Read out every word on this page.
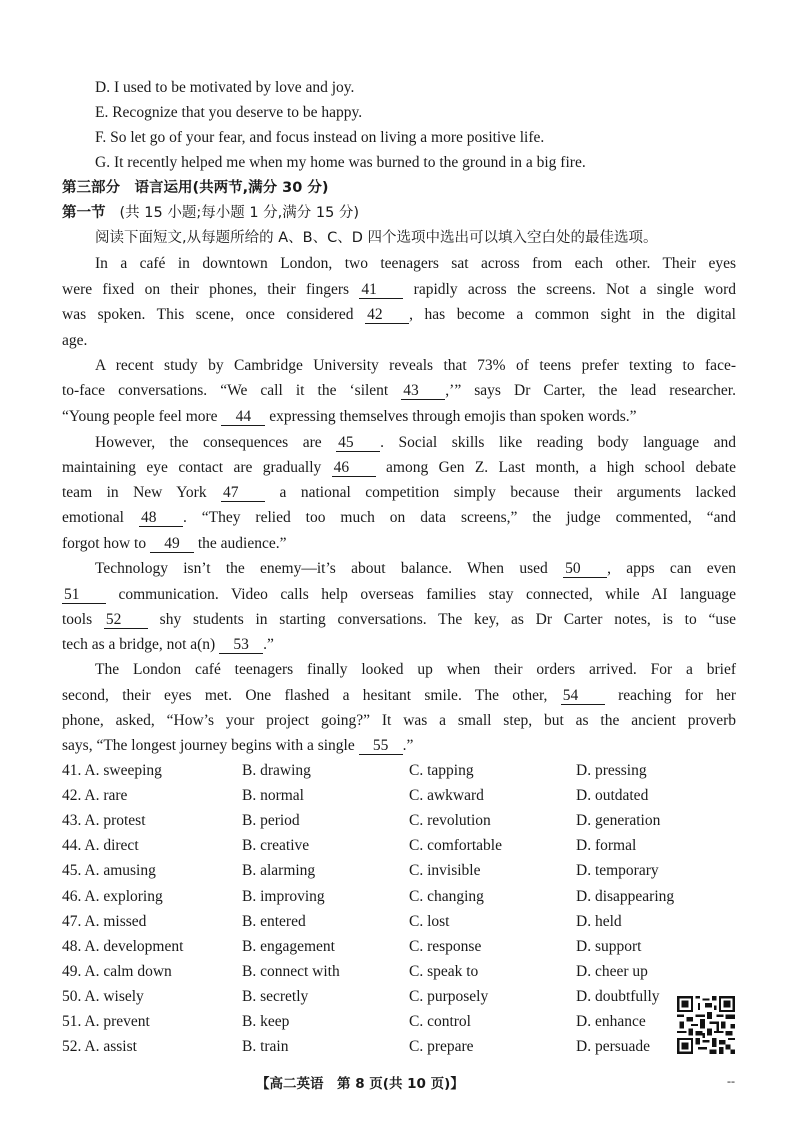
D. I used to be motivated by love and joy.
E. Recognize that you deserve to be happy.
F. So let go of your fear, and focus instead on living a more positive life.
G. It recently helped me when my home was burned to the ground in a big fire.
第三部分　语言运用(共两节,满分 30 分)
第一节 (共 15 小题;每小题 1 分,满分 15 分)
阅读下面短文,从每题所给的 A、B、C、D 四个选项中选出可以填入空白处的最佳选项。
In a café in downtown London, two teenagers sat across from each other. Their eyes
were fixed on their phones, their fingers 41 rapidly across the screens. Not a single word
was spoken. This scene, once considered 42 , has become a common sight in the digital
age.
A recent study by Cambridge University reveals that 73% of teens prefer texting to face-
to-face conversations. “We call it the ‘silent 43 ,’” says Dr Carter, the lead researcher.
“Young people feel more 44 expressing themselves through emojis than spoken words.”
However, the consequences are 45 . Social skills like reading body language and
maintaining eye contact are gradually 46 among Gen Z. Last month, a high school debate
team in New York 47 a national competition simply because their arguments lacked
emotional 48 . “They relied too much on data screens,” the judge commented, “and
forgot how to 49 the audience.”
Technology isn’t the enemy—it’s about balance. When used 50 , apps can even
51 communication. Video calls help overseas families stay connected, while AI language
tools 52 shy students in starting conversations. The key, as Dr Carter notes, is to “use
tech as a bridge, not a(n) 53 .”
The London café teenagers finally looked up when their orders arrived. For a brief
second, their eyes met. One flashed a hesitant smile. The other, 54 reaching for her
phone, asked, “How’s your project going?” It was a small step, but as the ancient proverb
says, “The longest journey begins with a single 55 .”
41. A. sweeping	B. drawing	C. tapping	D. pressing
42. A. rare	B. normal	C. awkward	D. outdated
43. A. protest	B. period	C. revolution	D. generation
44. A. direct	B. creative	C. comfortable	D. formal
45. A. amusing	B. alarming	C. invisible	D. temporary
46. A. exploring	B. improving	C. changing	D. disappearing
47. A. missed	B. entered	C. lost	D. held
48. A. development	B. engagement	C. response	D. support
49. A. calm down	B. connect with	C. speak to	D. cheer up
50. A. wisely	B. secretly	C. purposely	D. doubtfully
51. A. prevent	B. keep	C. control	D. enhance
52. A. assist	B. train	C. prepare	D. persuade
【高二英语　第 8 页(共 10 页)】	--
